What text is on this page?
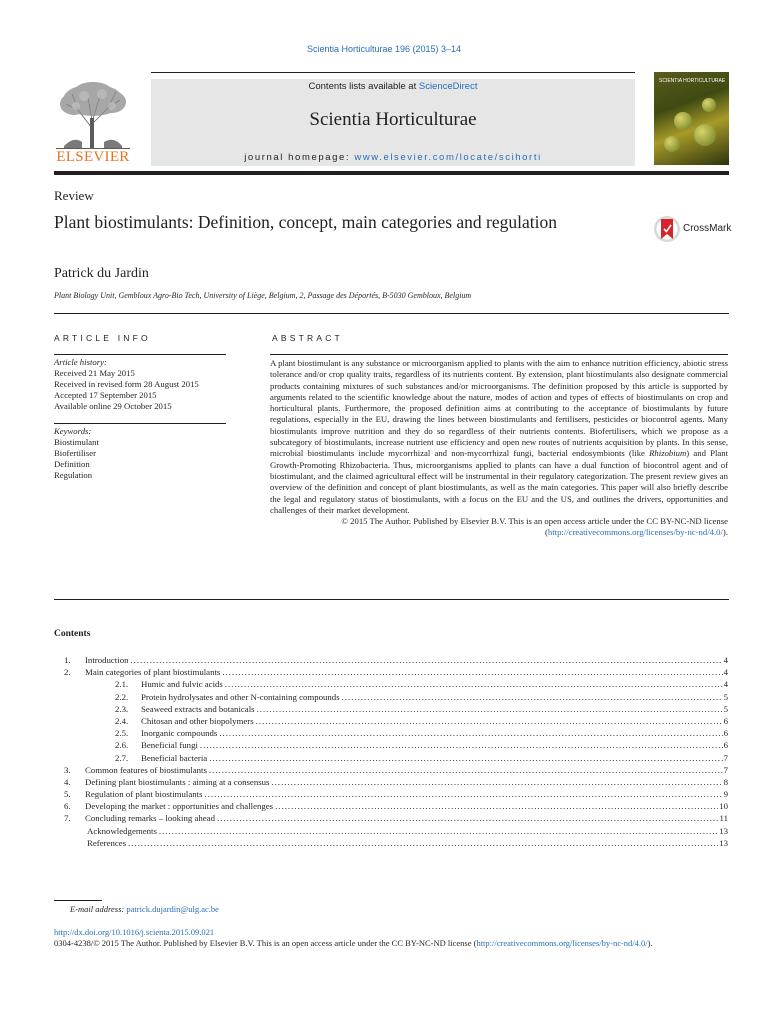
Scientia Horticulturae 196 (2015) 3–14
ELSEVIER
Contents lists available at ScienceDirect
Scientia Horticulturae
journal homepage: www.elsevier.com/locate/scihorti
SCIENTIA HORTICULTURAE
Review
Plant biostimulants: Definition, concept, main categories and regulation	CrossMark
Patrick du Jardin
Plant Biology Unit, Gembloux Agro-Bio Tech, University of Liège, Belgium, 2, Passage des Déportés, B-5030 Gembloux, Belgium
ARTICLE INFO
Article history:
Received 21 May 2015
Received in revised form 28 August 2015
Accepted 17 September 2015
Available online 29 October 2015
Keywords:
Biostimulant
Biofertiliser
Definition
Regulation
ABSTRACT
A plant biostimulant is any substance or microorganism applied to plants with the aim to enhance nutrition efficiency, abiotic stress tolerance and/or crop quality traits, regardless of its nutrients content. By extension, plant biostimulants also designate commercial products containing mixtures of such substances and/or microorganisms. The definition proposed by this article is supported by arguments related to the scientific knowledge about the nature, modes of action and types of effects of biostimulants on crop and horticultural plants. Furthermore, the proposed definition aims at contributing to the acceptance of biostimulants by future regulations, especially in the EU, drawing the lines between biostimulants and fertilisers, pesticides or biocontrol agents. Many biostimulants improve nutrition and they do so regardless of their nutrients contents. Biofertilisers, which we propose as a subcategory of biostimulants, increase nutrient use efficiency and open new routes of nutrients acquisition by plants. In this sense, microbial biostimulants include mycorrhizal and non-mycorrhizal fungi, bacterial endosymbionts (like Rhizobium) and Plant Growth-Promoting Rhizobacteria. Thus, microorganisms applied to plants can have a dual function of biocontrol agent and of biostimulant, and the claimed agricultural effect will be instrumental in their regulatory categorization. The present review gives an overview of the definition and concept of plant biostimulants, as well as the main categories. This paper will also briefly describe the legal and regulatory status of biostimulants, with a focus on the EU and the US, and outlines the drivers, opportunities and challenges of their market development.
© 2015 The Author. Published by Elsevier B.V. This is an open access article under the CC BY-NC-ND license (http://creativecommons.org/licenses/by-nc-nd/4.0/).
Contents
1. Introduction .....	4
2. Main categories of plant biostimulants .....	4
2.1. Humic and fulvic acids .....	4
2.2. Protein hydrolysates and other N-containing compounds .....	5
2.3. Seaweed extracts and botanicals .....	5
2.4. Chitosan and other biopolymers .....	6
2.5. Inorganic compounds .....	6
2.6. Beneficial fungi .....	6
2.7. Beneficial bacteria .....	7
3. Common features of biostimulants .....	7
4. Defining plant biostimulants : aiming at a consensus .....	8
5. Regulation of plant biostimulants .....	9
6. Developing the market : opportunities and challenges .....	10
7. Concluding remarks – looking ahead .....	11
Acknowledgements .....	13
References .....	13
E-mail address: patrick.dujardin@ulg.ac.be
http://dx.doi.org/10.1016/j.scienta.2015.09.021
0304-4238/© 2015 The Author. Published by Elsevier B.V. This is an open access article under the CC BY-NC-ND license (http://creativecommons.org/licenses/by-nc-nd/4.0/).
